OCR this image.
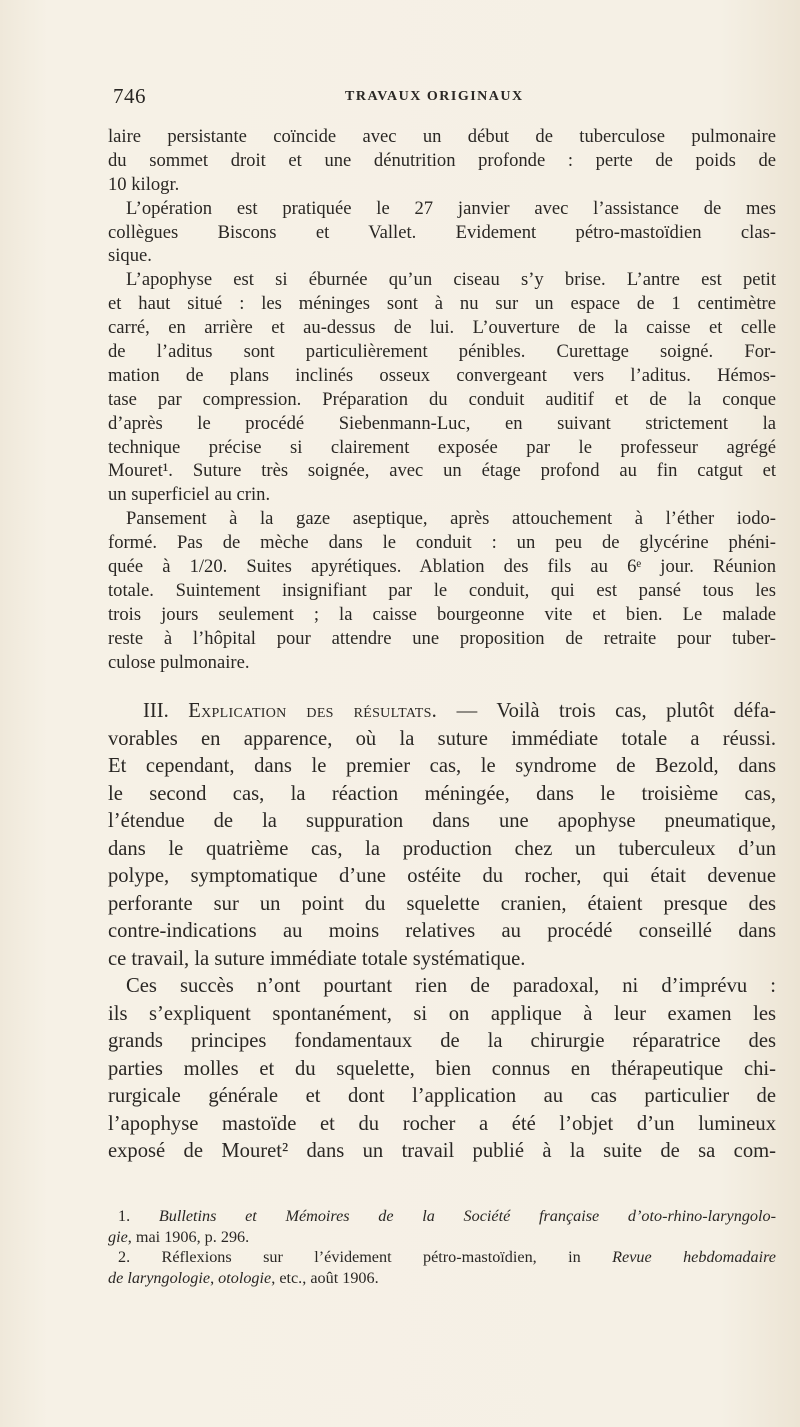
746	TRAVAUX ORIGINAUX
laire persistante coïncide avec un début de tuberculose pulmonaire
du sommet droit et une dénutrition profonde : perte de poids de
10 kilogr.
L’opération est pratiquée le 27 janvier avec l’assistance de mes
collègues Biscons et Vallet. Evidement pétro-mastoïdien clas-
sique.
L’apophyse est si éburnée qu’un ciseau s’y brise. L’antre est petit
et haut situé : les méninges sont à nu sur un espace de 1 centimètre
carré, en arrière et au-dessus de lui. L’ouverture de la caisse et celle
de l’aditus sont particulièrement pénibles. Curettage soigné. For-
mation de plans inclinés osseux convergeant vers l’aditus. Hémos-
tase par compression. Préparation du conduit auditif et de la conque
d’après le procédé Siebenmann-Luc, en suivant strictement la
technique précise si clairement exposée par le professeur agrégé
Mouret¹. Suture très soignée, avec un étage profond au fin catgut et
un superficiel au crin.
Pansement à la gaze aseptique, après attouchement à l’éther iodo-
formé. Pas de mèche dans le conduit : un peu de glycérine phéni-
quée à 1/20. Suites apyrétiques. Ablation des fils au 6ᵉ jour. Réunion
totale. Suintement insignifiant par le conduit, qui est pansé tous les
trois jours seulement ; la caisse bourgeonne vite et bien. Le malade
reste à l’hôpital pour attendre une proposition de retraite pour tuber-
culose pulmonaire.
III. Explication des résultats. — Voilà trois cas, plutôt défa-
vorables en apparence, où la suture immédiate totale a réussi.
Et cependant, dans le premier cas, le syndrome de Bezold, dans
le second cas, la réaction méningée, dans le troisième cas,
l’étendue de la suppuration dans une apophyse pneumatique,
dans le quatrième cas, la production chez un tuberculeux d’un
polype, symptomatique d’une ostéite du rocher, qui était devenue
perforante sur un point du squelette cranien, étaient presque des
contre-indications au moins relatives au procédé conseillé dans
ce travail, la suture immédiate totale systématique.
Ces succès n’ont pourtant rien de paradoxal, ni d’imprévu :
ils s’expliquent spontanément, si on applique à leur examen les
grands principes fondamentaux de la chirurgie réparatrice des
parties molles et du squelette, bien connus en thérapeutique chi-
rurgicale générale et dont l’application au cas particulier de
l’apophyse mastoïde et du rocher a été l’objet d’un lumineux
exposé de Mouret² dans un travail publié à la suite de sa com-
1. Bulletins et Mémoires de la Société française d’oto-rhino-laryngolo-
gie, mai 1906, p. 296.
2. Réflexions sur l’évidement pétro-mastoïdien, in Revue hebdomadaire
de laryngologie, otologie, etc., août 1906.
